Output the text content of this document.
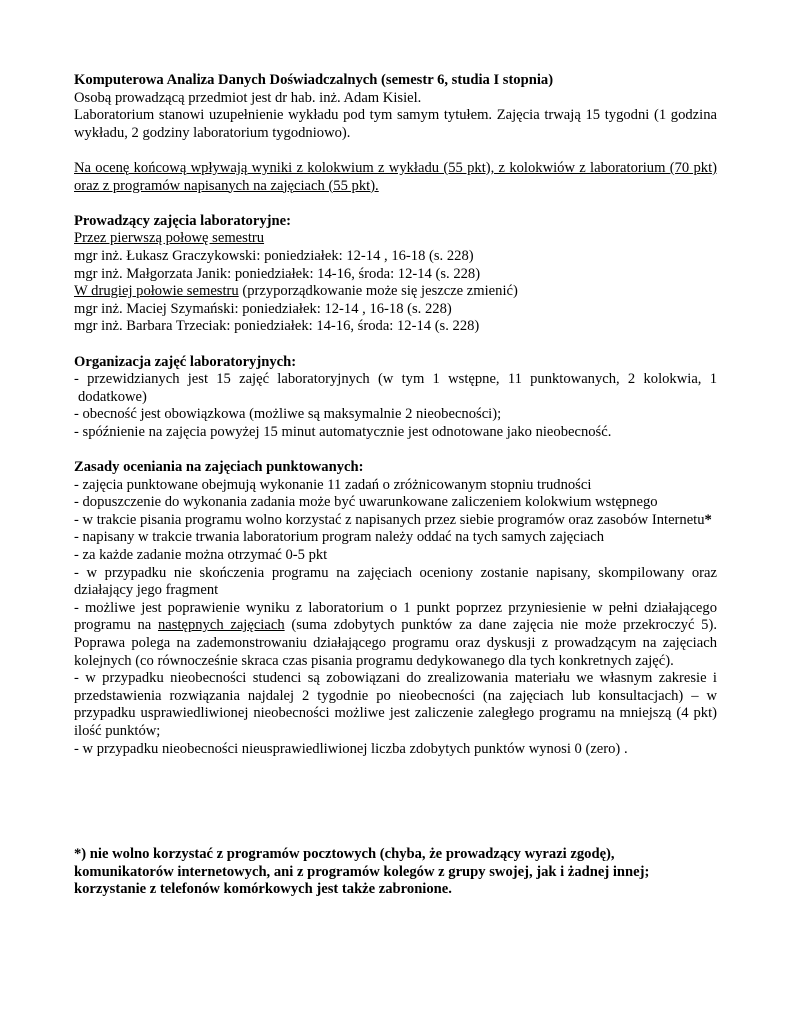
Komputerowa Analiza Danych Doświadczalnych (semestr 6, studia I stopnia)

Osobą prowadzącą przedmiot jest dr hab. inż. Adam Kisiel.

Laboratorium stanowi uzupełnienie wykładu pod tym samym tytułem. Zajęcia trwają 15 tygodni (1 godzina wykładu, 2 godziny laboratorium tygodniowo).

Na ocenę końcową wpływają wyniki z kolokwium z wykładu (55 pkt), z kolokwiów z laboratorium (70 pkt) oraz z programów napisanych na zajęciach (55 pkt).

Prowadzący zajęcia laboratoryjne:

Przez pierwszą połowę semestru

mgr inż. Łukasz Graczykowski: poniedziałek: 12-14 , 16-18 (s. 228)

mgr inż. Małgorzata Janik: poniedziałek: 14-16, środa: 12-14 (s. 228)

W drugiej połowie semestru (przyporządkowanie może się jeszcze zmienić)

mgr inż. Maciej Szymański: poniedziałek: 12-14 , 16-18 (s. 228)

mgr inż. Barbara Trzeciak: poniedziałek: 14-16, środa: 12-14 (s. 228)

Organizacja zajęć laboratoryjnych:

- przewidzianych jest 15 zajęć laboratoryjnych (w tym 1 wstępne, 11 punktowanych, 2 kolokwia, 1

dodatkowe)

- obecność jest obowiązkowa (możliwe są maksymalnie 2 nieobecności);

- spóźnienie na zajęcia powyżej 15 minut automatycznie jest odnotowane jako nieobecność.

Zasady oceniania na zajęciach punktowanych:

- zajęcia punktowane obejmują wykonanie 11 zadań o zróżnicowanym stopniu trudności

- dopuszczenie do wykonania zadania może być uwarunkowane zaliczeniem kolokwium wstępnego

- w trakcie pisania programu wolno korzystać z napisanych przez siebie programów oraz zasobów Internetu*

- napisany w trakcie trwania laboratorium program należy oddać na tych samych zajęciach

- za każde zadanie można otrzymać 0-5 pkt

- w przypadku nie skończenia programu na zajęciach oceniony zostanie napisany, skompilowany oraz działający jego fragment

- możliwe jest poprawienie wyniku z laboratorium o 1 punkt poprzez przyniesienie w pełni działającego programu na następnych zajęciach (suma zdobytych punktów za dane zajęcia nie może przekroczyć 5). Poprawa polega na zademonstrowaniu działającego programu oraz dyskusji z prowadzącym na zajęciach kolejnych (co równocześnie skraca czas pisania programu dedykowanego dla tych konkretnych zajęć).

- w przypadku nieobecności studenci są zobowiązani do zrealizowania materiału we własnym zakresie i przedstawienia rozwiązania najdalej 2 tygodnie po nieobecności (na zajęciach lub konsultacjach) – w przypadku usprawiedliwionej nieobecności możliwe jest zaliczenie zaległego programu na mniejszą (4 pkt) ilość punktów;

- w przypadku nieobecności nieusprawiedliwionej liczba zdobytych punktów wynosi 0 (zero) .

*) nie wolno korzystać z programów pocztowych (chyba, że prowadzący wyrazi zgodę), komunikatorów internetowych, ani z programów kolegów z grupy swojej, jak i żadnej innej; korzystanie z telefonów komórkowych jest także zabronione.
